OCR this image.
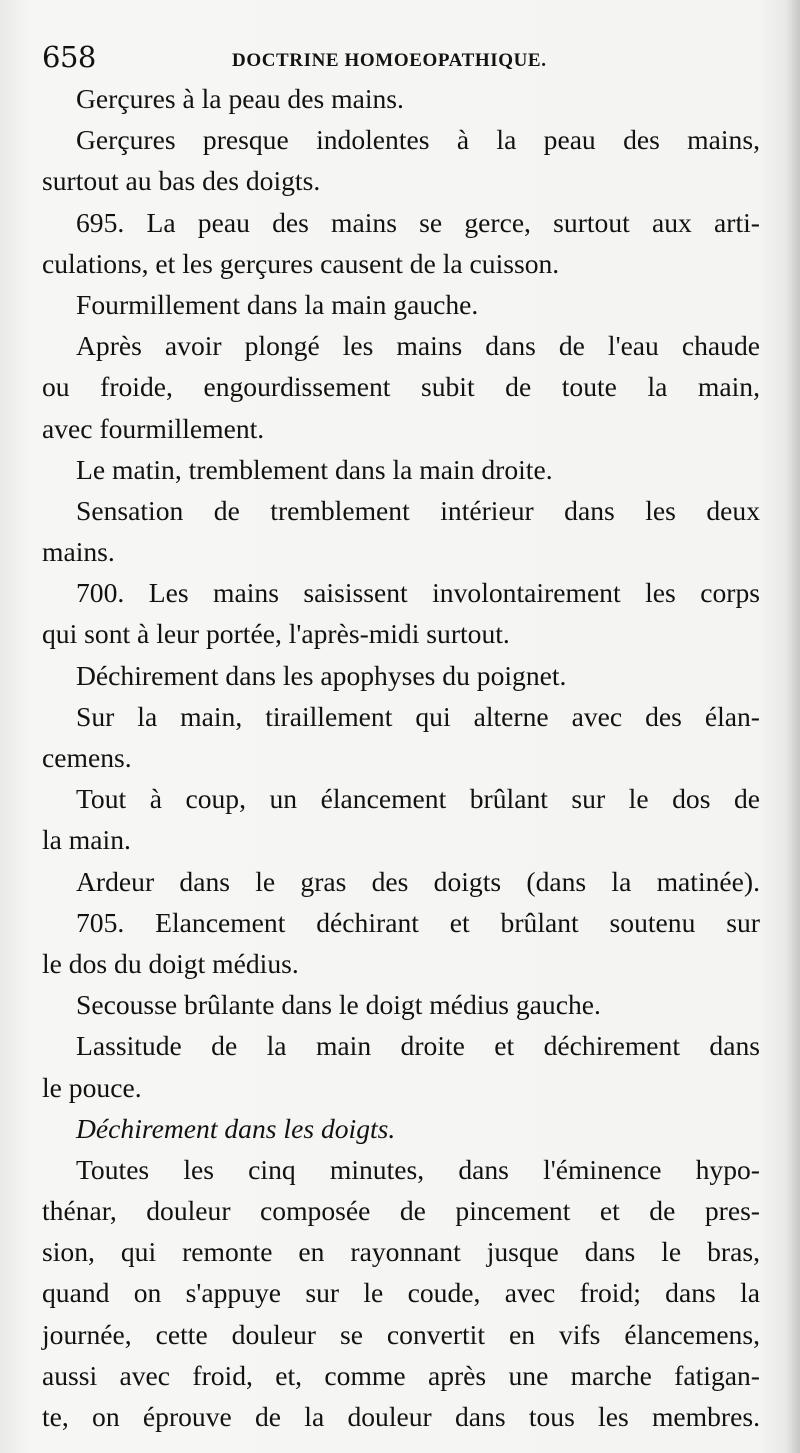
658	DOCTRINE HOMOEOPATHIQUE.
Gerçures à la peau des mains.
Gerçures presque indolentes à la peau des mains,
surtout au bas des doigts.
695. La peau des mains se gerce, surtout aux arti-
culations, et les gerçures causent de la cuisson.
Fourmillement dans la main gauche.
Après avoir plongé les mains dans de l'eau chaude
ou froide, engourdissement subit de toute la main,
avec fourmillement.
Le matin, tremblement dans la main droite.
Sensation de tremblement intérieur dans les deux
mains.
700. Les mains saisissent involontairement les corps
qui sont à leur portée, l'après-midi surtout.
Déchirement dans les apophyses du poignet.
Sur la main, tiraillement qui alterne avec des élan-
cemens.
Tout à coup, un élancement brûlant sur le dos de
la main.
Ardeur dans le gras des doigts (dans la matinée).
705. Elancement déchirant et brûlant soutenu sur
le dos du doigt médius.
Secousse brûlante dans le doigt médius gauche.
Lassitude de la main droite et déchirement dans
le pouce.
Déchirement dans les doigts.
Toutes les cinq minutes, dans l'éminence hypo-
thénar, douleur composée de pincement et de pres-
sion, qui remonte en rayonnant jusque dans le bras,
quand on s'appuye sur le coude, avec froid; dans la
journée, cette douleur se convertit en vifs élancemens,
aussi avec froid, et, comme après une marche fatigan-
te, on éprouve de la douleur dans tous les membres.
